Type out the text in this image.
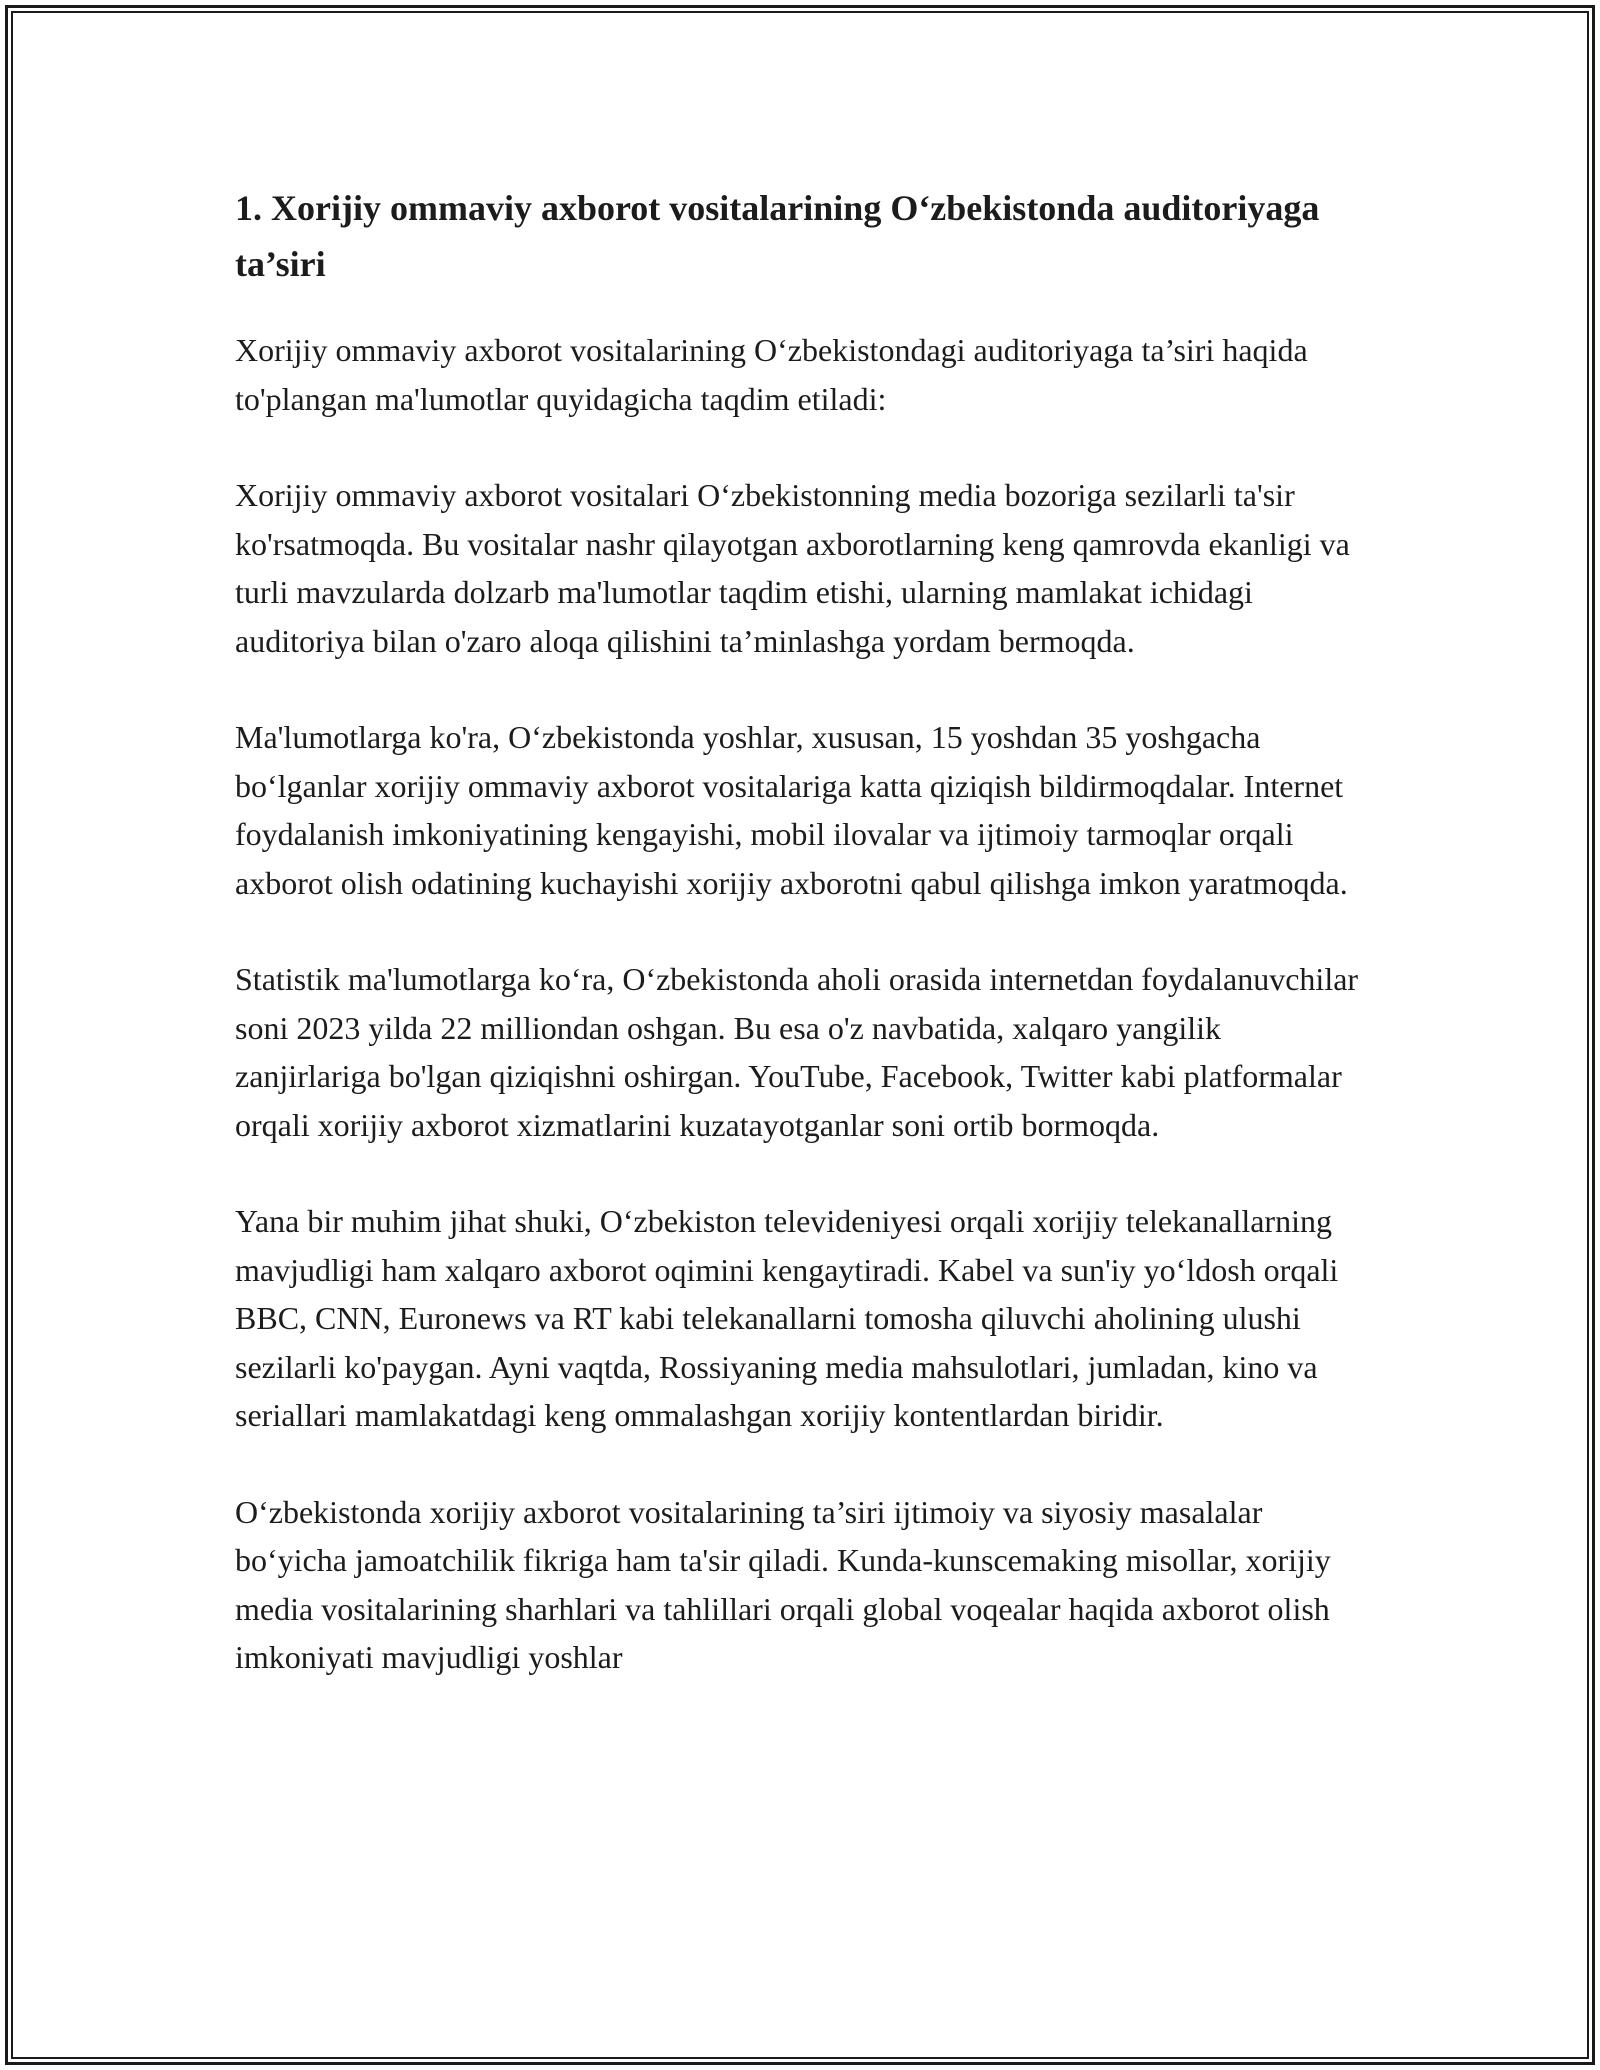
1. Xorijiy ommaviy axborot vositalarining O‘zbekistonda auditoriyaga ta’siri

Xorijiy ommaviy axborot vositalarining O‘zbekistondagi auditoriyaga ta’siri haqida to'plangan ma'lumotlar quyidagicha taqdim etiladi:

Xorijiy ommaviy axborot vositalari O‘zbekistonning media bozoriga sezilarli ta'sir ko'rsatmoqda. Bu vositalar nashr qilayotgan axborotlarning keng qamrovda ekanligi va turli mavzularda dolzarb ma'lumotlar taqdim etishi, ularning mamlakat ichidagi auditoriya bilan o'zaro aloqa qilishini ta’minlashga yordam bermoqda.

Ma'lumotlarga ko'ra, O‘zbekistonda yoshlar, xususan, 15 yoshdan 35 yoshgacha bo‘lganlar xorijiy ommaviy axborot vositalariga katta qiziqish bildirmoqdalar. Internet foydalanish imkoniyatining kengayishi, mobil ilovalar va ijtimoiy tarmoqlar orqali axborot olish odatining kuchayishi xorijiy axborotni qabul qilishga imkon yaratmoqda.

Statistik ma'lumotlarga ko‘ra, O‘zbekistonda aholi orasida internetdan foydalanuvchilar soni 2023 yilda 22 milliondan oshgan. Bu esa o'z navbatida, xalqaro yangilik zanjirlariga bo'lgan qiziqishni oshirgan. YouTube, Facebook, Twitter kabi platformalar orqali xorijiy axborot xizmatlarini kuzatayotganlar soni ortib bormoqda.

Yana bir muhim jihat shuki, O‘zbekiston televideniyesi orqali xorijiy telekanallarning mavjudligi ham xalqaro axborot oqimini kengaytiradi. Kabel va sun'iy yo‘ldosh orqali BBC, CNN, Euronews va RT kabi telekanallarni tomosha qiluvchi aholining ulushi sezilarli ko'paygan. Ayni vaqtda, Rossiyaning media mahsulotlari, jumladan, kino va seriallari mamlakatdagi keng ommalashgan xorijiy kontentlardan biridir.

O‘zbekistonda xorijiy axborot vositalarining ta’siri ijtimoiy va siyosiy masalalar bo‘yicha jamoatchilik fikriga ham ta'sir qiladi. Kunda-kunscemaking misollar, xorijiy media vositalarining sharhlari va tahlillari orqali global voqealar haqida axborot olish imkoniyati mavjudligi yoshlar
